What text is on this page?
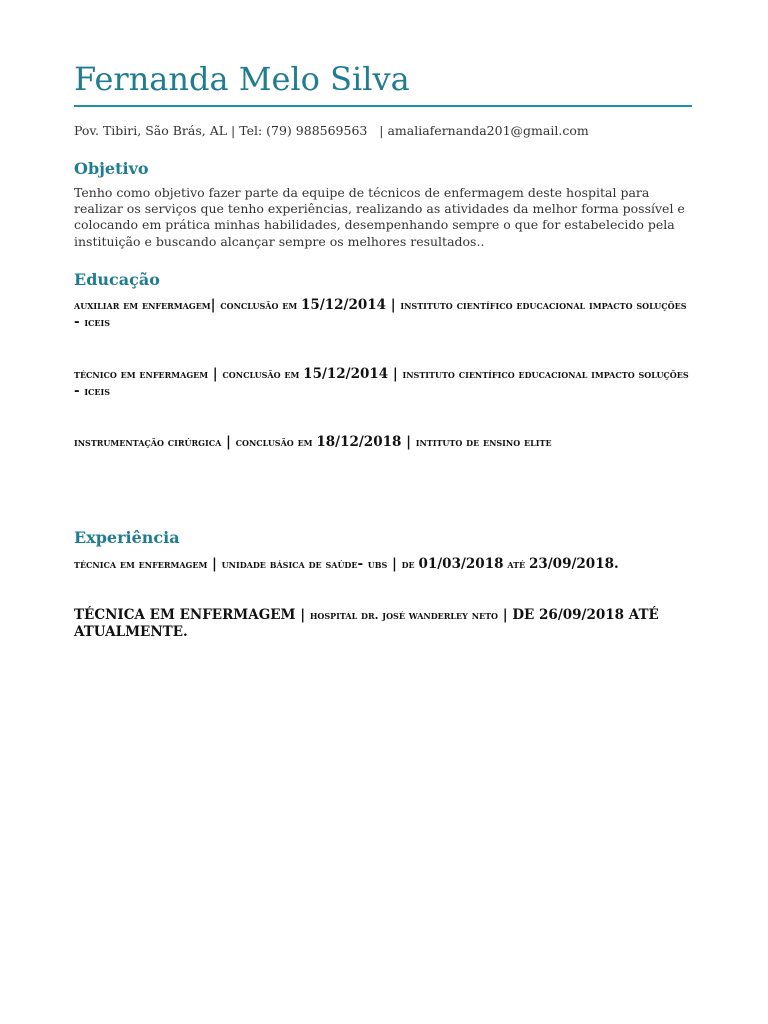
Fernanda Melo Silva
Pov. Tibiri, São Brás, AL | Tel: (79) 988569563   | amaliafernanda201@gmail.com
Objetivo

Tenho como objetivo fazer parte da equipe de técnicos de enfermagem deste hospital para realizar os serviços que tenho experiências, realizando as atividades da melhor forma possível e colocando em prática minhas habilidades, desempenhando sempre o que for estabelecido pela instituição e buscando alcançar sempre os melhores resultados..

Educação

auxiliar em enfermagem| conclusão em 15/12/2014 | instituto científico educacional impacto soluções - iceis

técnico em enfermagem | conclusão em 15/12/2014 | instituto científico educacional impacto soluções - iceis

instrumentação cirúrgica | conclusão em 18/12/2018 | intituto de ensino elite

Experiência

técnica em enfermagem | unidade básica de saúde- ubs | de 01/03/2018 até 23/09/2018.

TÉCNICA EM ENFERMAGEM | hospital dr. josé wanderley neto | DE 26/09/2018 ATÉ ATUALMENTE.
